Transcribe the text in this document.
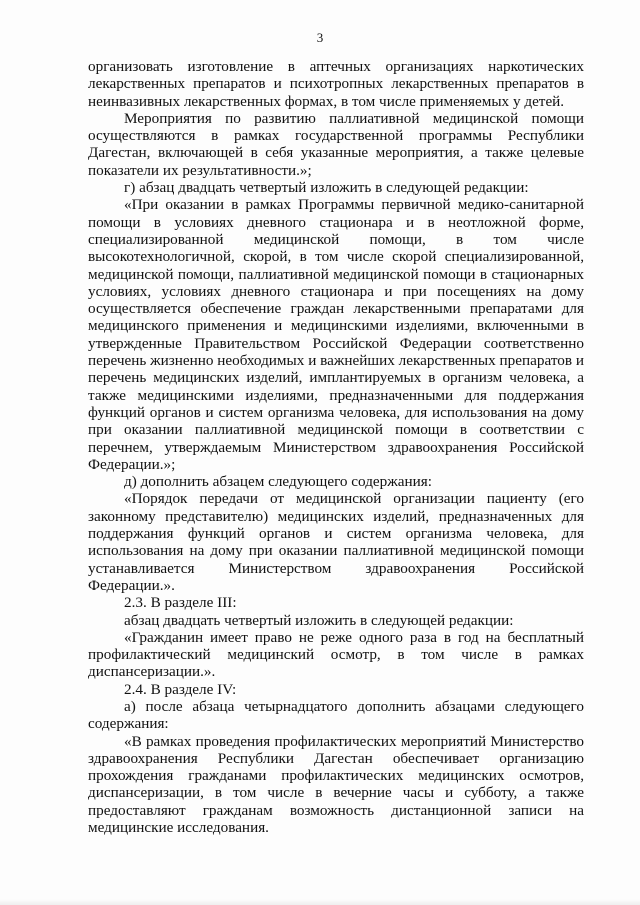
3

организовать изготовление в аптечных организациях наркотических лекарственных препаратов и психотропных лекарственных препаратов в неинвазивных лекарственных формах, в том числе применяемых у детей.

Мероприятия по развитию паллиативной медицинской помощи осуществляются в рамках государственной программы Республики Дагестан, включающей в себя указанные мероприятия, а также целевые показатели их результативности.»;

г) абзац двадцать четвертый изложить в следующей редакции:

«При оказании в рамках Программы первичной медико-санитарной помощи в условиях дневного стационара и в неотложной форме, специализированной медицинской помощи, в том числе высокотехнологичной, скорой, в том числе скорой специализированной, медицинской помощи, паллиативной медицинской помощи в стационарных условиях, условиях дневного стационара и при посещениях на дому осуществляется обеспечение граждан лекарственными препаратами для медицинского применения и медицинскими изделиями, включенными в утвержденные Правительством Российской Федерации соответственно перечень жизненно необходимых и важнейших лекарственных препаратов и перечень медицинских изделий, имплантируемых в организм человека, а также медицинскими изделиями, предназначенными для поддержания функций органов и систем организма человека, для использования на дому при оказании паллиативной медицинской помощи в соответствии с перечнем, утверждаемым Министерством здравоохранения Российской Федерации.»;

д) дополнить абзацем следующего содержания:

«Порядок передачи от медицинской организации пациенту (его законному представителю) медицинских изделий, предназначенных для поддержания функций органов и систем организма человека, для использования на дому при оказании паллиативной медицинской помощи устанавливается Министерством здравоохранения Российской Федерации.».

2.3. В разделе III:

абзац двадцать четвертый изложить в следующей редакции:

«Гражданин имеет право не реже одного раза в год на бесплатный профилактический медицинский осмотр, в том числе в рамках диспансеризации.».

2.4. В разделе IV:

а) после абзаца четырнадцатого дополнить абзацами следующего содержания:

«В рамках проведения профилактических мероприятий Министерство здравоохранения Республики Дагестан обеспечивает организацию прохождения гражданами профилактических медицинских осмотров, диспансеризации, в том числе в вечерние часы и субботу, а также предоставляют гражданам возможность дистанционной записи на медицинские исследования.
